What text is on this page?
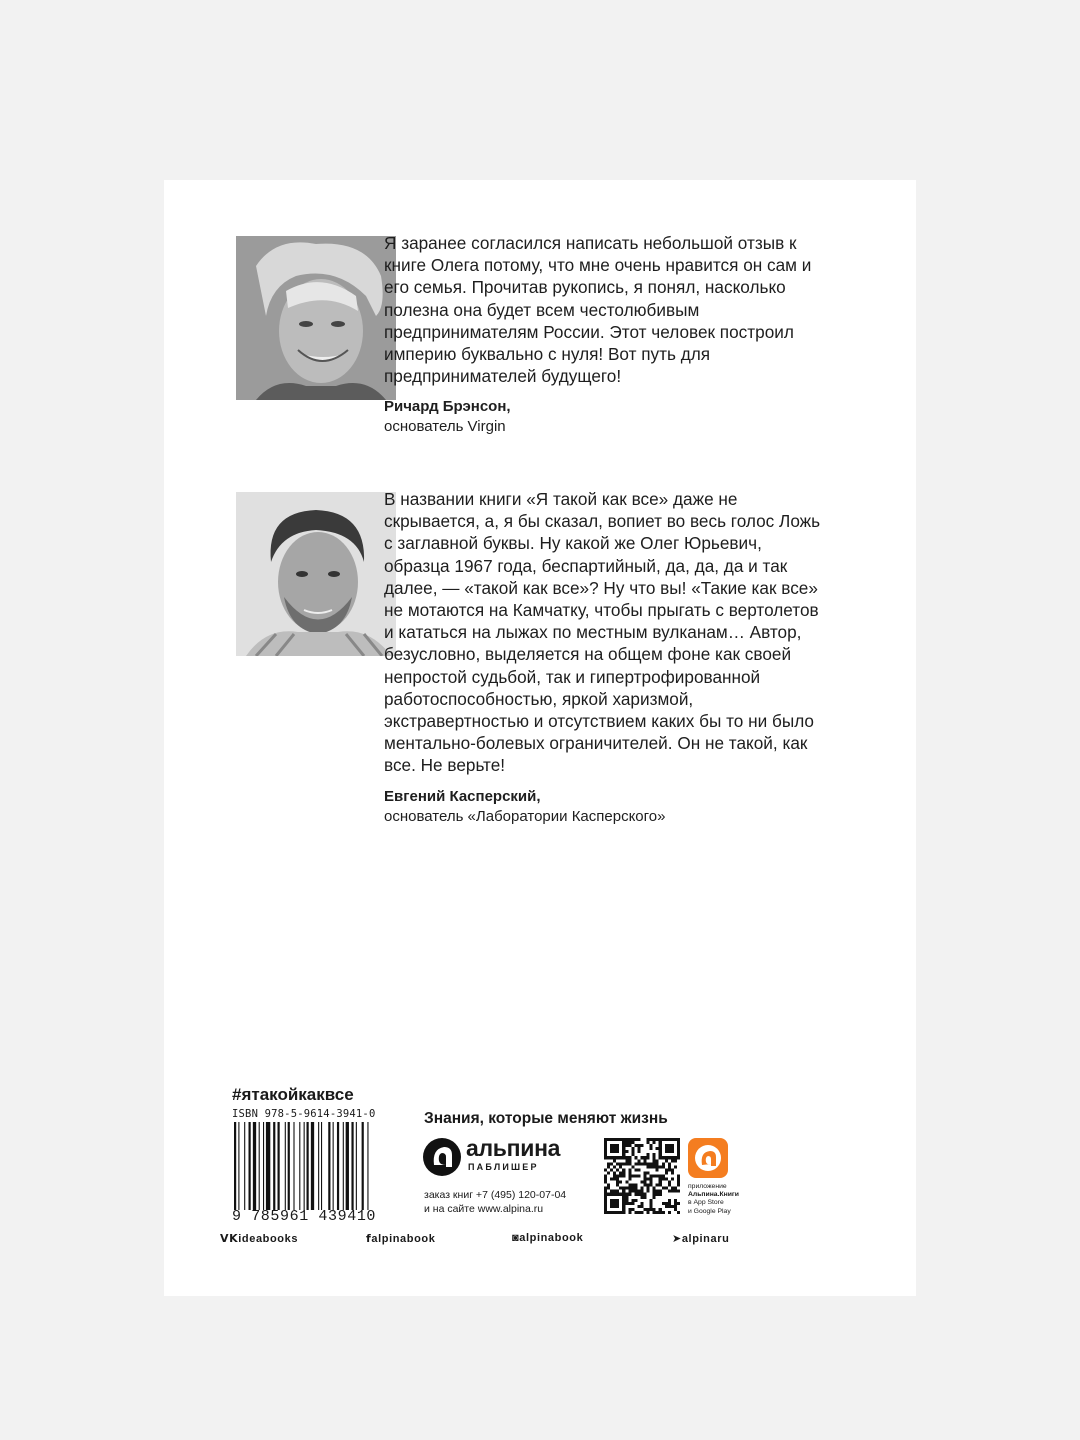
Я заранее согласился написать небольшой отзыв к книге Олега потому, что мне очень нравится он сам и его семья. Прочитав рукопись, я понял, насколько полезна она будет всем честолюбивым предпринимателям России. Этот человек построил империю буквально с нуля! Вот путь для предпринимателей будущего!

Ричард Брэнсон,
основатель Virgin

В названии книги «Я такой как все» даже не скрывается, а, я бы сказал, вопиет во весь голос Ложь с заглавной буквы. Ну какой же Олег Юрьевич, образца 1967 года, беспартийный, да, да, да и так далее, — «такой как все»? Ну что вы! «Такие как все» не мотаются на Камчатку, чтобы прыгать с вертолетов и кататься на лыжах по местным вулканам… Автор, безусловно, выделяется на общем фоне как своей непростой судьбой, так и гипертрофированной работоспособностью, яркой харизмой, экстравертностью и отсутствием каких бы то ни было ментально-болевых ограничителей. Он не такой, как все. Не верьте!

Евгений Касперский,
основатель «Лаборатории Касперского»
#ятакойкаквсе
ISBN 978-5-9614-3941-0
9 785961 439410
Знания, которые меняют жизнь
альпина
ПАБЛИШЕР
заказ книг +7 (495) 120-07-04
и на сайте www.alpina.ru
приложение
Альпина.Книги
в App Store
и Google Play
𝗩𝗞ideabooks	𝗳alpinabook	◙alpinabook	➤alpinaru
